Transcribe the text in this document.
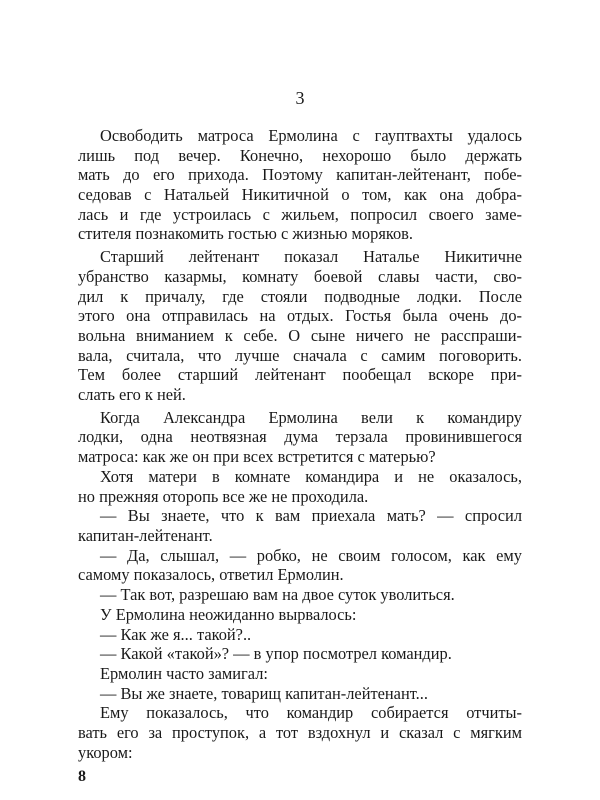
3
Освободить матроса Ермолина с гауптвахты удалось
лишь под вечер. Конечно, нехорошо было держать
мать до его прихода. Поэтому капитан-лейтенант, побе-
седовав с Натальей Никитичной о том, как она добра-
лась и где устроилась с жильем, попросил своего заме-
стителя познакомить гостью с жизнью моряков.
Старший лейтенант показал Наталье Никитичне
убранство казармы, комнату боевой славы части, сво-
дил к причалу, где стояли подводные лодки. После
этого она отправилась на отдых. Гостья была очень до-
вольна вниманием к себе. О сыне ничего не расспраши-
вала, считала, что лучше сначала с самим поговорить.
Тем более старший лейтенант пообещал вскоре при-
слать его к ней.
Когда Александра Ермолина вели к командиру
лодки, одна неотвязная дума терзала провинившегося
матроса: как же он при всех встретится с матерью?
Хотя матери в комнате командира и не оказалось,
но прежняя оторопь все же не проходила.
— Вы знаете, что к вам приехала мать? — спросил
капитан-лейтенант.
— Да, слышал, — робко, не своим голосом, как ему
самому показалось, ответил Ермолин.
— Так вот, разрешаю вам на двое суток уволиться.
У Ермолина неожиданно вырвалось:
— Как же я... такой?..
— Какой «такой»? — в упор посмотрел командир.
Ермолин часто замигал:
— Вы же знаете, товарищ капитан-лейтенант...
Ему показалось, что командир собирается отчиты-
вать его за проступок, а тот вздохнул и сказал с мягким
укором:
8
